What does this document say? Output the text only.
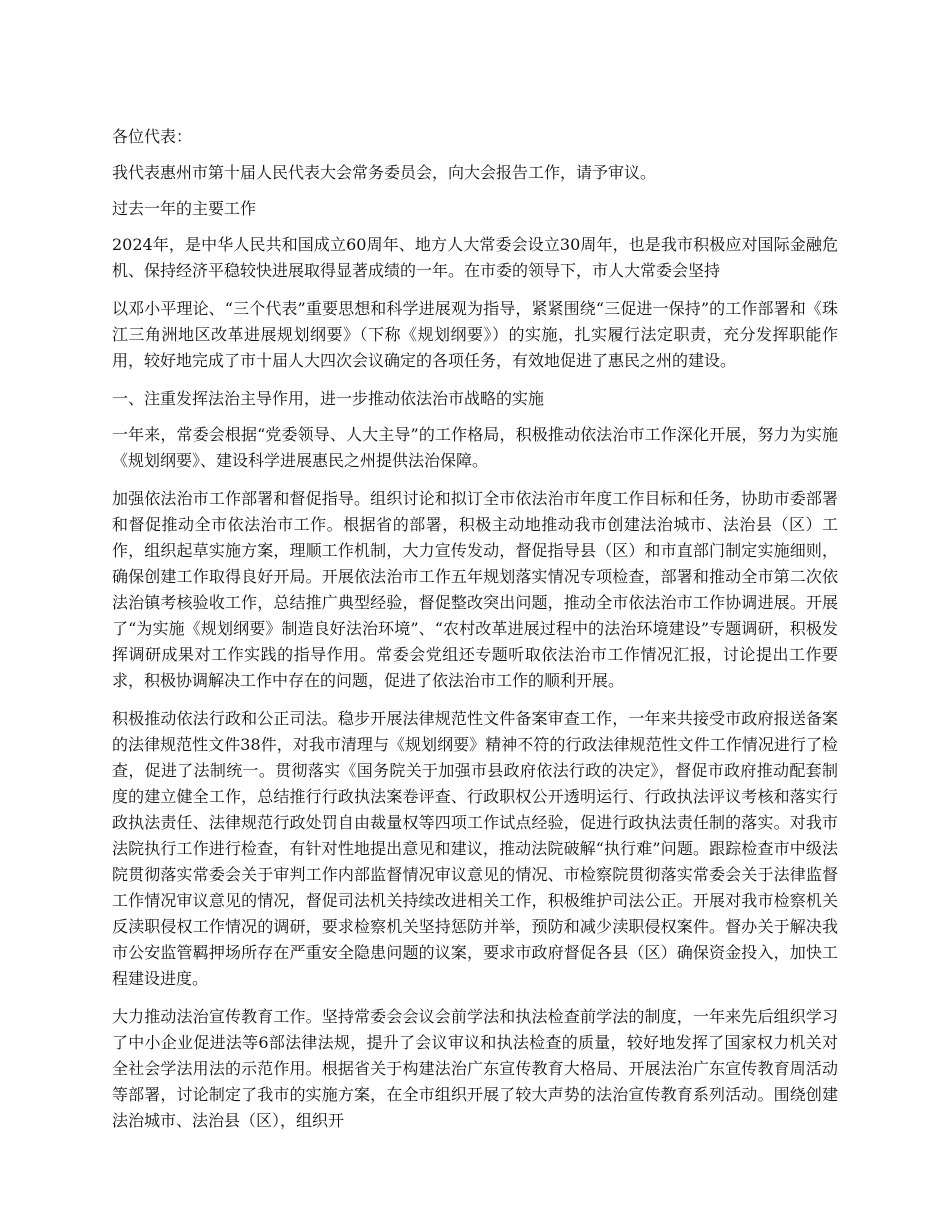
各位代表：

我代表惠州市第十届人民代表大会常务委员会，向大会报告工作，请予审议。

过去一年的主要工作

2024年，是中华人民共和国成立60周年、地方人大常委会设立30周年，也是我市积极应对国际金融危机、保持经济平稳较快进展取得显著成绩的一年。在市委的领导下，市人大常委会坚持

以邓小平理论、“三个代表”重要思想和科学进展观为指导，紧紧围绕“三促进一保持”的工作部署和《珠江三角洲地区改革进展规划纲要》（下称《规划纲要》）的实施，扎实履行法定职责，充分发挥职能作用，较好地完成了市十届人大四次会议确定的各项任务，有效地促进了惠民之州的建设。

一、注重发挥法治主导作用，进一步推动依法治市战略的实施

一年来，常委会根据“党委领导、人大主导”的工作格局，积极推动依法治市工作深化开展，努力为实施《规划纲要》、建设科学进展惠民之州提供法治保障。

加强依法治市工作部署和督促指导。组织讨论和拟订全市依法治市年度工作目标和任务，协助市委部署和督促推动全市依法治市工作。根据省的部署，积极主动地推动我市创建法治城市、法治县（区）工作，组织起草实施方案，理顺工作机制，大力宣传发动，督促指导县（区）和市直部门制定实施细则，确保创建工作取得良好开局。开展依法治市工作五年规划落实情况专项检查，部署和推动全市第二次依法治镇考核验收工作，总结推广典型经验，督促整改突出问题，推动全市依法治市工作协调进展。开展了“为实施《规划纲要》制造良好法治环境”、“农村改革进展过程中的法治环境建设”专题调研，积极发挥调研成果对工作实践的指导作用。常委会党组还专题听取依法治市工作情况汇报，讨论提出工作要求，积极协调解决工作中存在的问题，促进了依法治市工作的顺利开展。

积极推动依法行政和公正司法。稳步开展法律规范性文件备案审查工作，一年来共接受市政府报送备案的法律规范性文件38件，对我市清理与《规划纲要》精神不符的行政法律规范性文件工作情况进行了检查，促进了法制统一。贯彻落实《国务院关于加强市县政府依法行政的决定》，督促市政府推动配套制度的建立健全工作，总结推行行政执法案卷评查、行政职权公开透明运行、行政执法评议考核和落实行政执法责任、法律规范行政处罚自由裁量权等四项工作试点经验，促进行政执法责任制的落实。对我市法院执行工作进行检查，有针对性地提出意见和建议，推动法院破解“执行难”问题。跟踪检查市中级法院贯彻落实常委会关于审判工作内部监督情况审议意见的情况、市检察院贯彻落实常委会关于法律监督工作情况审议意见的情况，督促司法机关持续改进相关工作，积极维护司法公正。开展对我市检察机关反渎职侵权工作情况的调研，要求检察机关坚持惩防并举，预防和减少渎职侵权案件。督办关于解决我市公安监管羁押场所存在严重安全隐患问题的议案，要求市政府督促各县（区）确保资金投入，加快工程建设进度。

大力推动法治宣传教育工作。坚持常委会会议会前学法和执法检查前学法的制度，一年来先后组织学习了中小企业促进法等6部法律法规，提升了会议审议和执法检查的质量，较好地发挥了国家权力机关对全社会学法用法的示范作用。根据省关于构建法治广东宣传教育大格局、开展法治广东宣传教育周活动等部署，讨论制定了我市的实施方案，在全市组织开展了较大声势的法治宣传教育系列活动。围绕创建法治城市、法治县（区），组织开
